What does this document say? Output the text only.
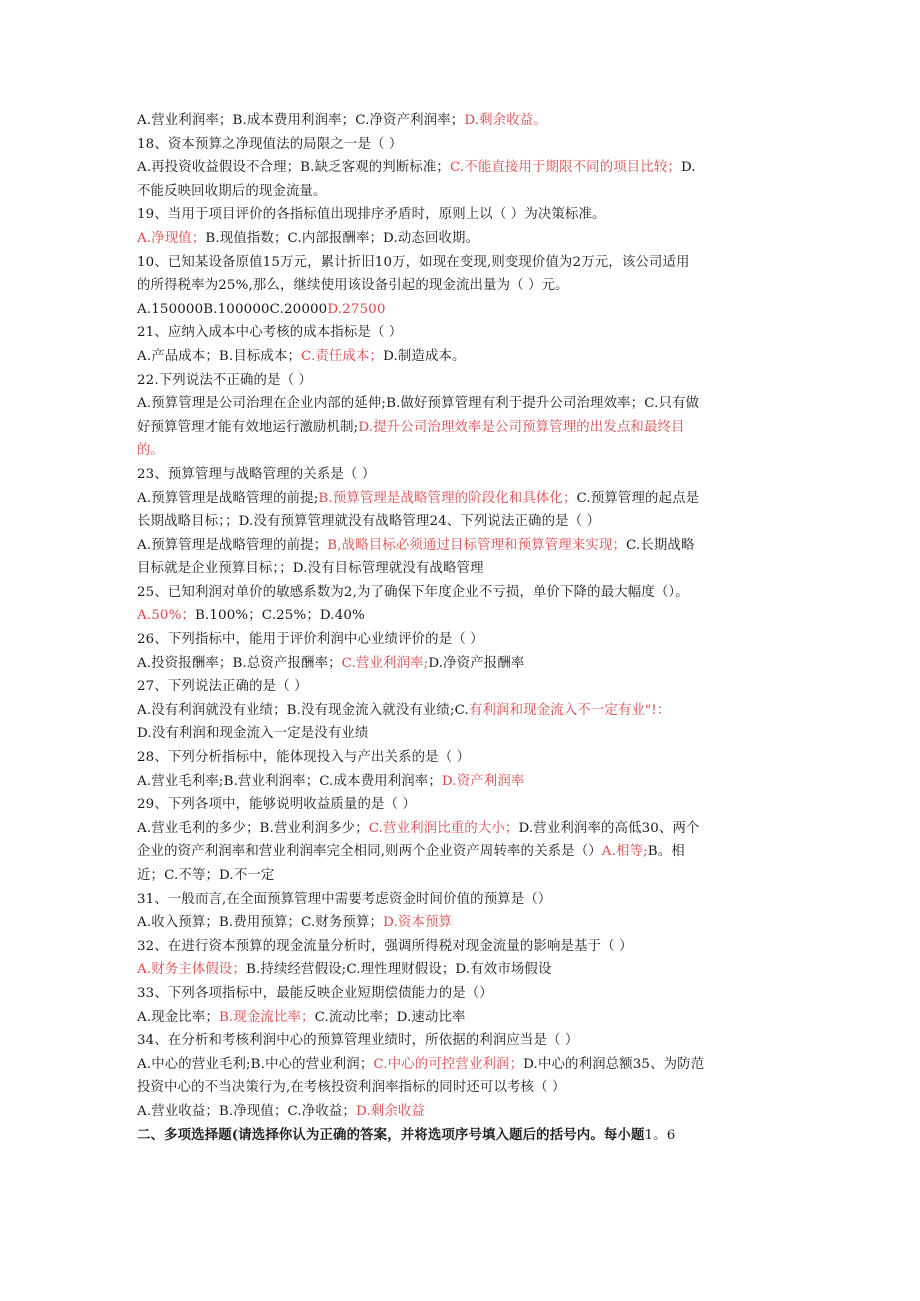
A.营业利润率；B.成本费用利润率；C.净资产利润率；D.剩余收益。
18、资本预算之净现值法的局限之一是（ ）
A.再投资收益假设不合理；B.缺乏客观的判断标准；C.不能直接用于期限不同的项目比较；D.
不能反映回收期后的现金流量。
19、当用于项目评价的各指标值出现排序矛盾时，原则上以（ ）为决策标准。
A.净现值；B.现值指数；C.内部报酬率；D.动态回收期。
10、已知某设备原值15万元，累计折旧10万，如现在变现,则变现价值为2万元，该公司适用
的所得税率为25%,那么，继续使用该设备引起的现金流出量为（ ）元。
A.150000B.100000C.20000D.27500
21、应纳入成本中心考核的成本指标是（ ）
A.产品成本；B.目标成本；C.责任成本；D.制造成本。
22.下列说法不正确的是（ ）
A.预算管理是公司治理在企业内部的延伸;B.做好预算管理有利于提升公司治理效率；C.只有做
好预算管理才能有效地运行激励机制;D.提升公司治理效率是公司预算管理的出发点和最终目
的。
23、预算管理与战略管理的关系是（ ）
A.预算管理是战略管理的前提;B.预算管理是战略管理的阶段化和具体化；C.预算管理的起点是
长期战略目标；；D.没有预算管理就没有战略管理24、下列说法正确的是（ ）
A.预算管理是战略管理的前提；B,战略目标必须通过目标管理和预算管理来实现；C.长期战略
目标就是企业预算目标；；D.没有目标管理就没有战略管理
25、已知利润对单价的敏感系数为2,为了确保下年度企业不亏损，单价下降的最大幅度（）。
A.50%；B.100%；C.25%；D.40%
26、下列指标中，能用于评价利润中心业绩评价的是（ ）
A.投资报酬率；B.总资产报酬率；C.营业利润率;D.净资产报酬率
27、下列说法正确的是（ ）
A.没有利润就没有业绩；B.没有现金流入就没有业绩;C.有利润和现金流入不一定有业"!：
D.没有利润和现金流入一定是没有业绩
28、下列分析指标中，能体现投入与产出关系的是（ ）
A.营业毛利率;B.营业利润率；C.成本费用利润率；D.资产利润率
29、下列各项中，能够说明收益质量的是（ ）
A.营业毛利的多少；B.营业利润多少；C.营业利润比重的大小；D.营业利润率的高低30、两个
企业的资产利润率和营业利润率完全相同,则两个企业资产周转率的关系是（）A.相等;B。相
近；C.不等；D.不一定
31、一般而言,在全面预算管理中需要考虑资金时间价值的预算是（）
A.收入预算；B.费用预算；C.财务预算；D.资本预算
32、在进行资本预算的现金流量分析时，强调所得税对现金流量的影响是基于（ ）
A.财务主体假设；B.持续经营假设;C.理性理财假设；D.有效市场假设
33、下列各项指标中，最能反映企业短期偿债能力的是（）
A.现金比率；B.现金流比率；C.流动比率；D.速动比率
34、在分析和考核利润中心的预算管理业绩时，所依据的利润应当是（ ）
A.中心的营业毛利;B.中心的营业利润；C.中心的可控营业利润；D.中心的利润总额35、为防范
投资中心的不当决策行为,在考核投资利润率指标的同时还可以考核（ ）
A.营业收益；B.净现值；C.净收益；D.剩余收益
二、多项选择题(请选择你认为正确的答案，并将选项序号填入题后的括号内。每小题1。6
